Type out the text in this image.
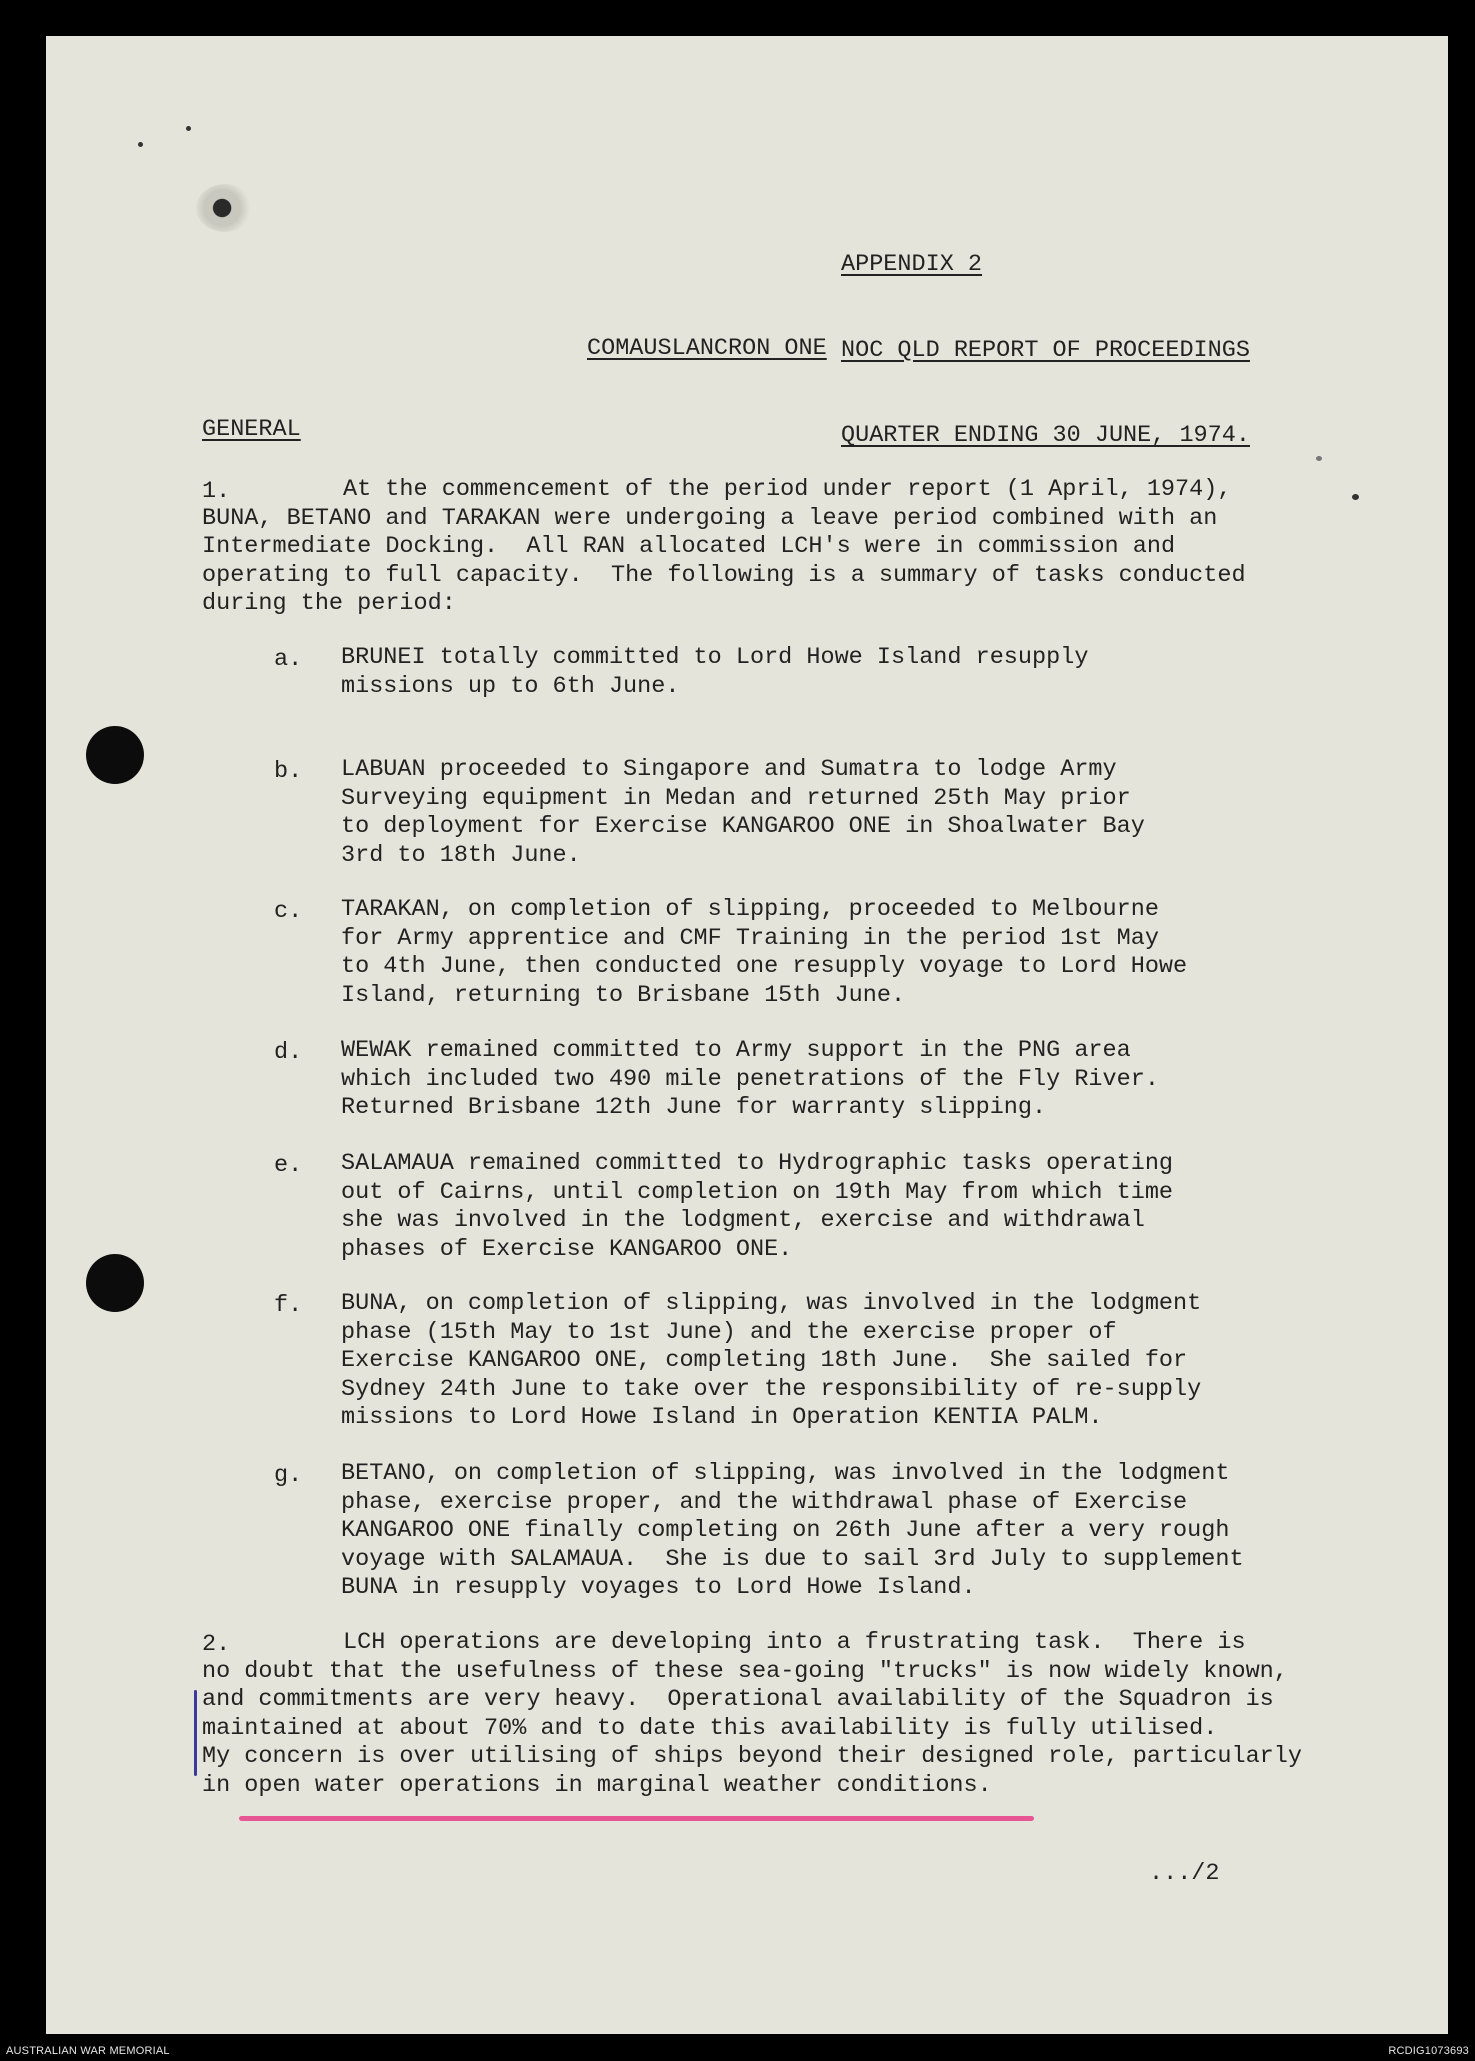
APPENDIX 2

NOC QLD REPORT OF PROCEEDINGS

QUARTER ENDING 30 JUNE, 1974.

COMAUSLANCRON ONE
GENERAL
1.	At the commencement of the period under report (1 April, 1974),
BUNA, BETANO and TARAKAN were undergoing a leave period combined with an
Intermediate Docking.  All RAN allocated LCH's were in commission and
operating to full capacity.  The following is a summary of tasks conducted
during the period:
a. BRUNEI totally committed to Lord Howe Island resupply
missions up to 6th June.
b. LABUAN proceeded to Singapore and Sumatra to lodge Army
Surveying equipment in Medan and returned 25th May prior
to deployment for Exercise KANGAROO ONE in Shoalwater Bay
3rd to 18th June.
c. TARAKAN, on completion of slipping, proceeded to Melbourne
for Army apprentice and CMF Training in the period 1st May
to 4th June, then conducted one resupply voyage to Lord Howe
Island, returning to Brisbane 15th June.
d. WEWAK remained committed to Army support in the PNG area
which included two 490 mile penetrations of the Fly River.
Returned Brisbane 12th June for warranty slipping.
e. SALAMAUA remained committed to Hydrographic tasks operating
out of Cairns, until completion on 19th May from which time
she was involved in the lodgment, exercise and withdrawal
phases of Exercise KANGAROO ONE.
f. BUNA, on completion of slipping, was involved in the lodgment
phase (15th May to 1st June) and the exercise proper of
Exercise KANGAROO ONE, completing 18th June.  She sailed for
Sydney 24th June to take over the responsibility of re-supply
missions to Lord Howe Island in Operation KENTIA PALM.
g. BETANO, on completion of slipping, was involved in the lodgment
phase, exercise proper, and the withdrawal phase of Exercise
KANGAROO ONE finally completing on 26th June after a very rough
voyage with SALAMAUA.  She is due to sail 3rd July to supplement
BUNA in resupply voyages to Lord Howe Island.
2.	LCH operations are developing into a frustrating task.  There is
no doubt that the usefulness of these sea-going "trucks" is now widely known,
and commitments are very heavy.  Operational availability of the Squadron is
maintained at about 70% and to date this availability is fully utilised.
My concern is over utilising of ships beyond their designed role, particularly
in open water operations in marginal weather conditions.
.../2
AUSTRALIAN WAR MEMORIAL	RCDIG1073693
